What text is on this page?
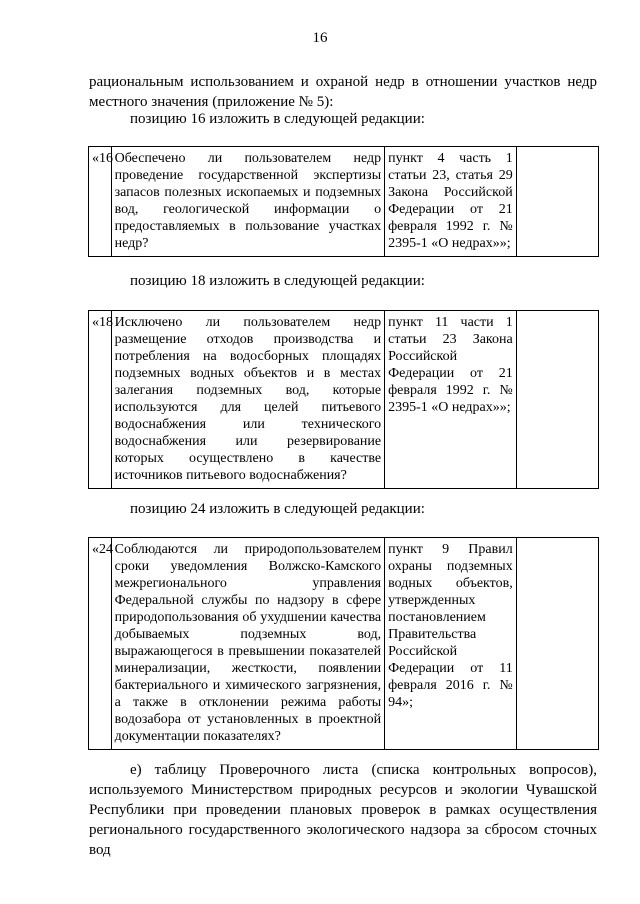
16
рациональным использованием и охраной недр в отношении участков недр местного значения (приложение № 5):
позицию 16 изложить в следующей редакции:
«16	Обеспечено ли пользователем недр проведение государственной экспертизы запасов полезных ископаемых и подземных вод, геологической информации о предоставляемых в пользование участках недр?	пункт 4 часть 1 статьи 23, статья 29 Закона Российской Федерации от 21 февраля 1992 г. № 2395-1 «О недрах»»;	
позицию 18 изложить в следующей редакции:
«18	Исключено ли пользователем недр размещение отходов производства и потребления на водосборных площадях подземных водных объектов и в местах залегания подземных вод, которые используются для целей питьевого водоснабжения или технического водоснабжения или резервирование которых осуществлено в качестве источников питьевого водоснабжения?	пункт 11 части 1 статьи 23 Закона Российской Федерации от 21 февраля 1992 г. № 2395-1 «О недрах»»;	
позицию 24 изложить в следующей редакции:
«24	Соблюдаются ли природопользователем сроки уведомления Волжско-Камского межрегионального управления Федеральной службы по надзору в сфере природопользования об ухудшении качества добываемых подземных вод, выражающегося в превышении показателей минерализации, жесткости, появлении бактериального и химического загрязнения, а также в отклонении режима работы водозабора от установленных в проектной документации показателях?	пункт 9 Правил охраны подземных водных объектов, утвержденных постановлением Правительства Российской Федерации от 11 февраля 2016 г. № 94»;	
е) таблицу Проверочного листа (списка контрольных вопросов), используемого Министерством природных ресурсов и экологии Чувашской Республики при проведении плановых проверок в рамках осуществления регионального государственного экологического надзора за сбросом сточных вод
